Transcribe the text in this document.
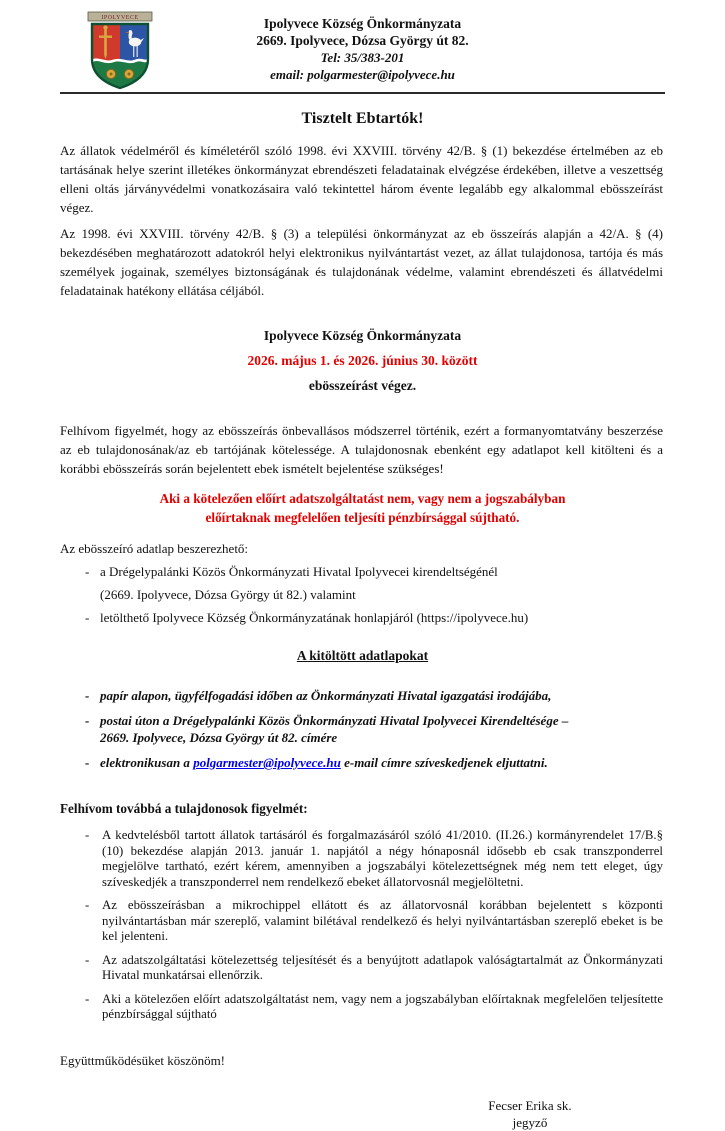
IPOLYVECE	Ipolyvece Község Önkormányzata
2669. Ipolyvece, Dózsa György út 82.
Tel: 35/383-201
email: polgarmester@ipolyvece.hu
Tisztelt Ebtartók!
Az állatok védelméről és kíméletéről szóló 1998. évi XXVIII. törvény 42/B. § (1) bekezdése értelmében az eb tartásának helye szerint illetékes önkormányzat ebrendészeti feladatainak elvégzése érdekében, illetve a veszettség elleni oltás járványvédelmi vonatkozásaira való tekintettel három évente legalább egy alkalommal ebösszeírást végez.
Az 1998. évi XXVIII. törvény 42/B. § (3) a települési önkormányzat az eb összeírás alapján a 42/A. § (4) bekezdésében meghatározott adatokról helyi elektronikus nyilvántartást vezet, az állat tulajdonosa, tartója és más személyek jogainak, személyes biztonságának és tulajdonának védelme, valamint ebrendészeti és állatvédelmi feladatainak hatékony ellátása céljából.
Ipolyvece Község Önkormányzata
2026. május 1. és 2026. június 30. között
ebösszeírást végez.
Felhívom figyelmét, hogy az ebösszeírás önbevallásos módszerrel történik, ezért a formanyomtatvány beszerzése az eb tulajdonosának/az eb tartójának kötelessége. A tulajdonosnak ebenként egy adatlapot kell kitölteni és a korábbi ebösszeírás során bejelentett ebek ismételt bejelentése szükséges!
Aki a kötelezően előírt adatszolgáltatást nem, vagy nem a jogszabályban
előírtaknak megfelelően teljesíti pénzbírsággal sújtható.
Az ebösszeíró adatlap beszerezhető:
- a Drégelypalánki Közös Önkormányzati Hivatal Ipolyvecei kirendeltségénél
(2669. Ipolyvece, Dózsa György út 82.) valamint
- letölthető Ipolyvece Község Önkormányzatának honlapjáról (https://ipolyvece.hu)
A kitöltött adatlapokat
- papír alapon, ügyfélfogadási időben az Önkormányzati Hivatal igazgatási irodájába,
- postai úton a Drégelypalánki Közös Önkormányzati Hivatal Ipolyvecei Kirendeltésége –
2669. Ipolyvece, Dózsa György út 82. címére
- elektronikusan a polgarmester@ipolyvece.hu e-mail címre szíveskedjenek eljuttatni.
Felhívom továbbá a tulajdonosok figyelmét:
- A kedvtelésből tartott állatok tartásáról és forgalmazásáról szóló 41/2010. (II.26.) kormányrendelet 17/B.§ (10) bekezdése alapján 2013. január 1. napjától a négy hónaposnál idősebb eb csak transzponderrel megjelölve tartható, ezért kérem, amennyiben a jogszabályi kötelezettségnek még nem tett eleget, úgy szíveskedjék a transzponderrel nem rendelkező ebeket állatorvosnál megjelöltetni.
- Az ebösszeírásban a mikrochippel ellátott és az állatorvosnál korábban bejelentett s központi nyilvántartásban már szereplő, valamint bilétával rendelkező és helyi nyilvántartásban szereplő ebeket is be kel jelenteni.
- Az adatszolgáltatási kötelezettség teljesítését és a benyújtott adatlapok valóságtartalmát az Önkormányzati Hivatal munkatársai ellenőrzik.
- Aki a kötelezően előírt adatszolgáltatást nem, vagy nem a jogszabályban előírtaknak megfelelően teljesítette pénzbírsággal sújtható
Együttműködésüket köszönöm!
Fecser Erika sk.
jegyző
